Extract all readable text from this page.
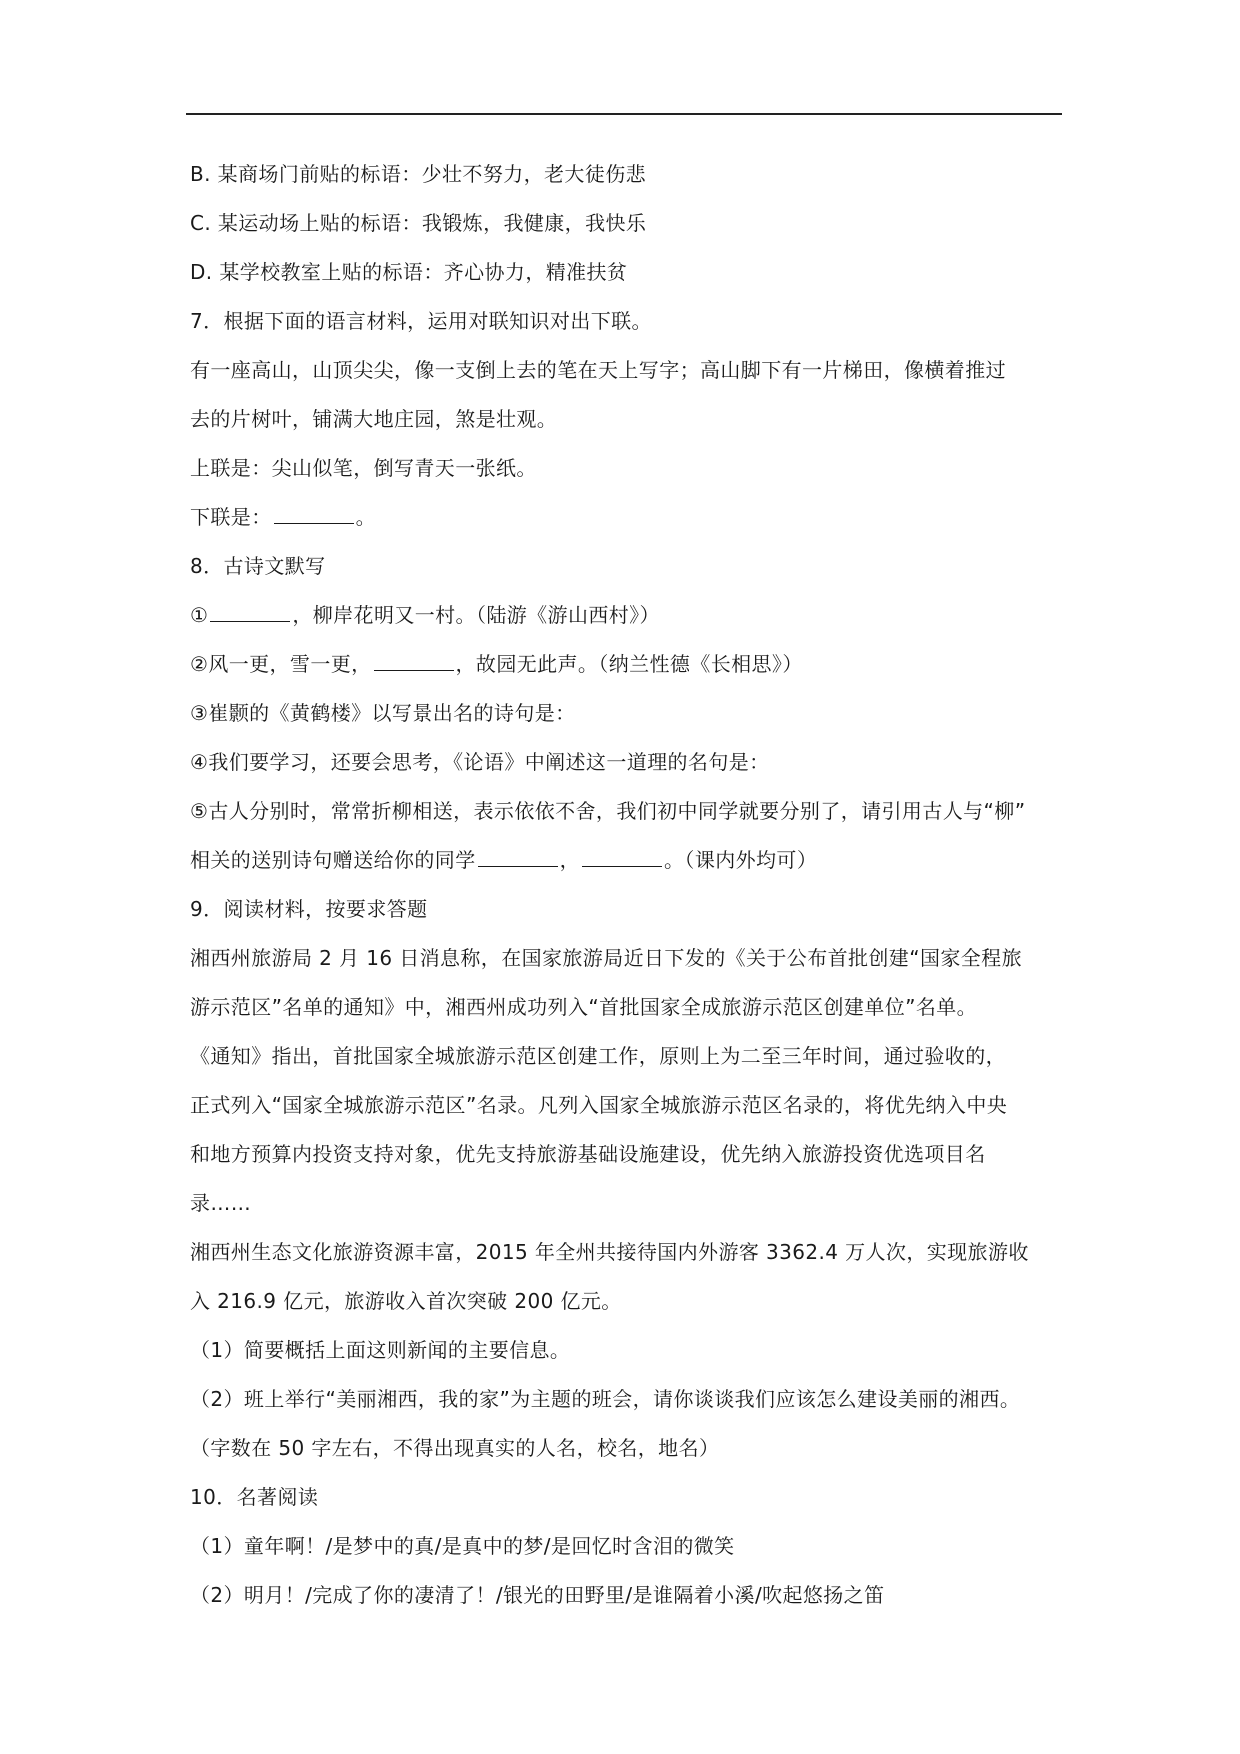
B. 某商场门前贴的标语：少壮不努力，老大徒伤悲
C. 某运动场上贴的标语：我锻炼，我健康，我快乐
D. 某学校教室上贴的标语：齐心协力，精准扶贫
7．根据下面的语言材料，运用对联知识对出下联。
有一座高山，山顶尖尖，像一支倒上去的笔在天上写字；高山脚下有一片梯田，像横着推过
去的片树叶，铺满大地庄园，煞是壮观。
上联是：尖山似笔，倒写青天一张纸。
下联是：	。
8．古诗文默写
①	，柳岸花明又一村。（陆游《游山西村》）
②风一更，雪一更，	，故园无此声。（纳兰性德《长相思》）
③崔颢的《黄鹤楼》以写景出名的诗句是：
④我们要学习，还要会思考，《论语》中阐述这一道理的名句是：
⑤古人分别时，常常折柳相送，表示依依不舍，我们初中同学就要分别了，请引用古人与“柳”
相关的送别诗句赠送给你的同学	，	。（课内外均可）
9．阅读材料，按要求答题
湘西州旅游局 2 月 16 日消息称，在国家旅游局近日下发的《关于公布首批创建“国家全程旅
游示范区”名单的通知》中，湘西州成功列入“首批国家全成旅游示范区创建单位”名单。
《通知》指出，首批国家全城旅游示范区创建工作，原则上为二至三年时间，通过验收的，
正式列入“国家全城旅游示范区”名录。凡列入国家全城旅游示范区名录的，将优先纳入中央
和地方预算内投资支持对象，优先支持旅游基础设施建设，优先纳入旅游投资优选项目名
录……
湘西州生态文化旅游资源丰富，2015 年全州共接待国内外游客 3362.4 万人次，实现旅游收
入 216.9 亿元，旅游收入首次突破 200 亿元。
（1）简要概括上面这则新闻的主要信息。
（2）班上举行“美丽湘西，我的家”为主题的班会，请你谈谈我们应该怎么建设美丽的湘西。
（字数在 50 字左右，不得出现真实的人名，校名，地名）
10．名著阅读
（1）童年啊！/是梦中的真/是真中的梦/是回忆时含泪的微笑
（2）明月！/完成了你的凄清了！/银光的田野里/是谁隔着小溪/吹起悠扬之笛
